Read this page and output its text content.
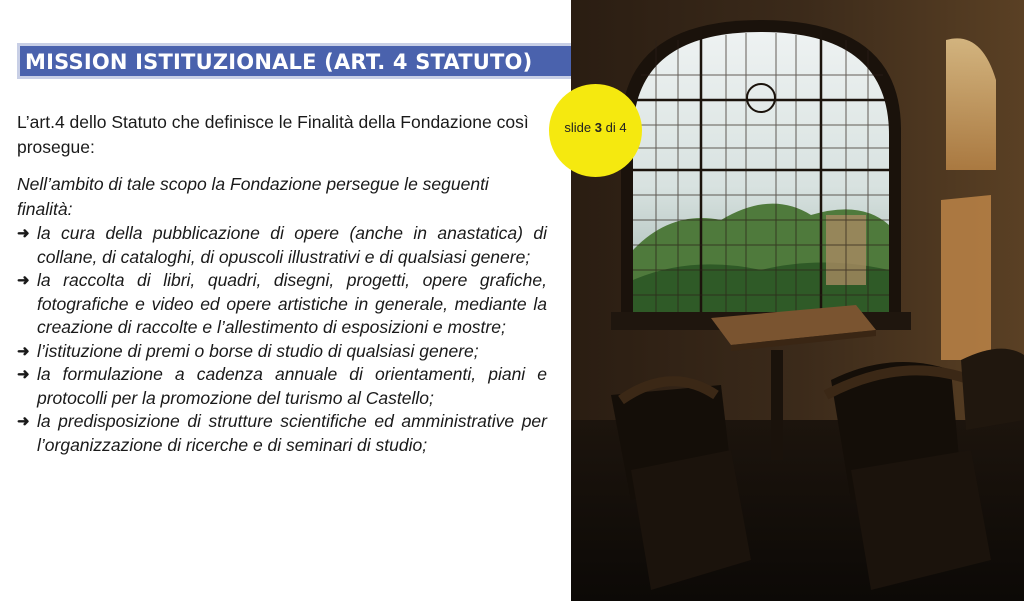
MISSION ISTITUZIONALE (ART. 4 STATUTO)

L’art.4 dello Statuto che definisce le Finalità della Fondazione così prosegue:

Nell’ambito di tale scopo la Fondazione persegue le seguenti finalità:

➜ la cura della pubblicazione di opere (anche in anastatica) di collane, di cataloghi, di opuscoli illustrativi e di qualsiasi genere;
➜ la raccolta di libri, quadri, disegni, progetti, opere grafiche, fotografiche e video ed opere artistiche in generale, mediante la creazione di raccolte e l’allestimento di esposizioni e mostre;
➜ l’istituzione di premi o borse di studio di qualsiasi genere;
➜ la formulazione a cadenza annuale di orientamenti, piani e protocolli per la promozione del turismo al Castello;
➜ la predisposizione di strutture scientifiche ed amministrative per l’organizzazione di ricerche e di seminari di studio;
slide 3 di 4
